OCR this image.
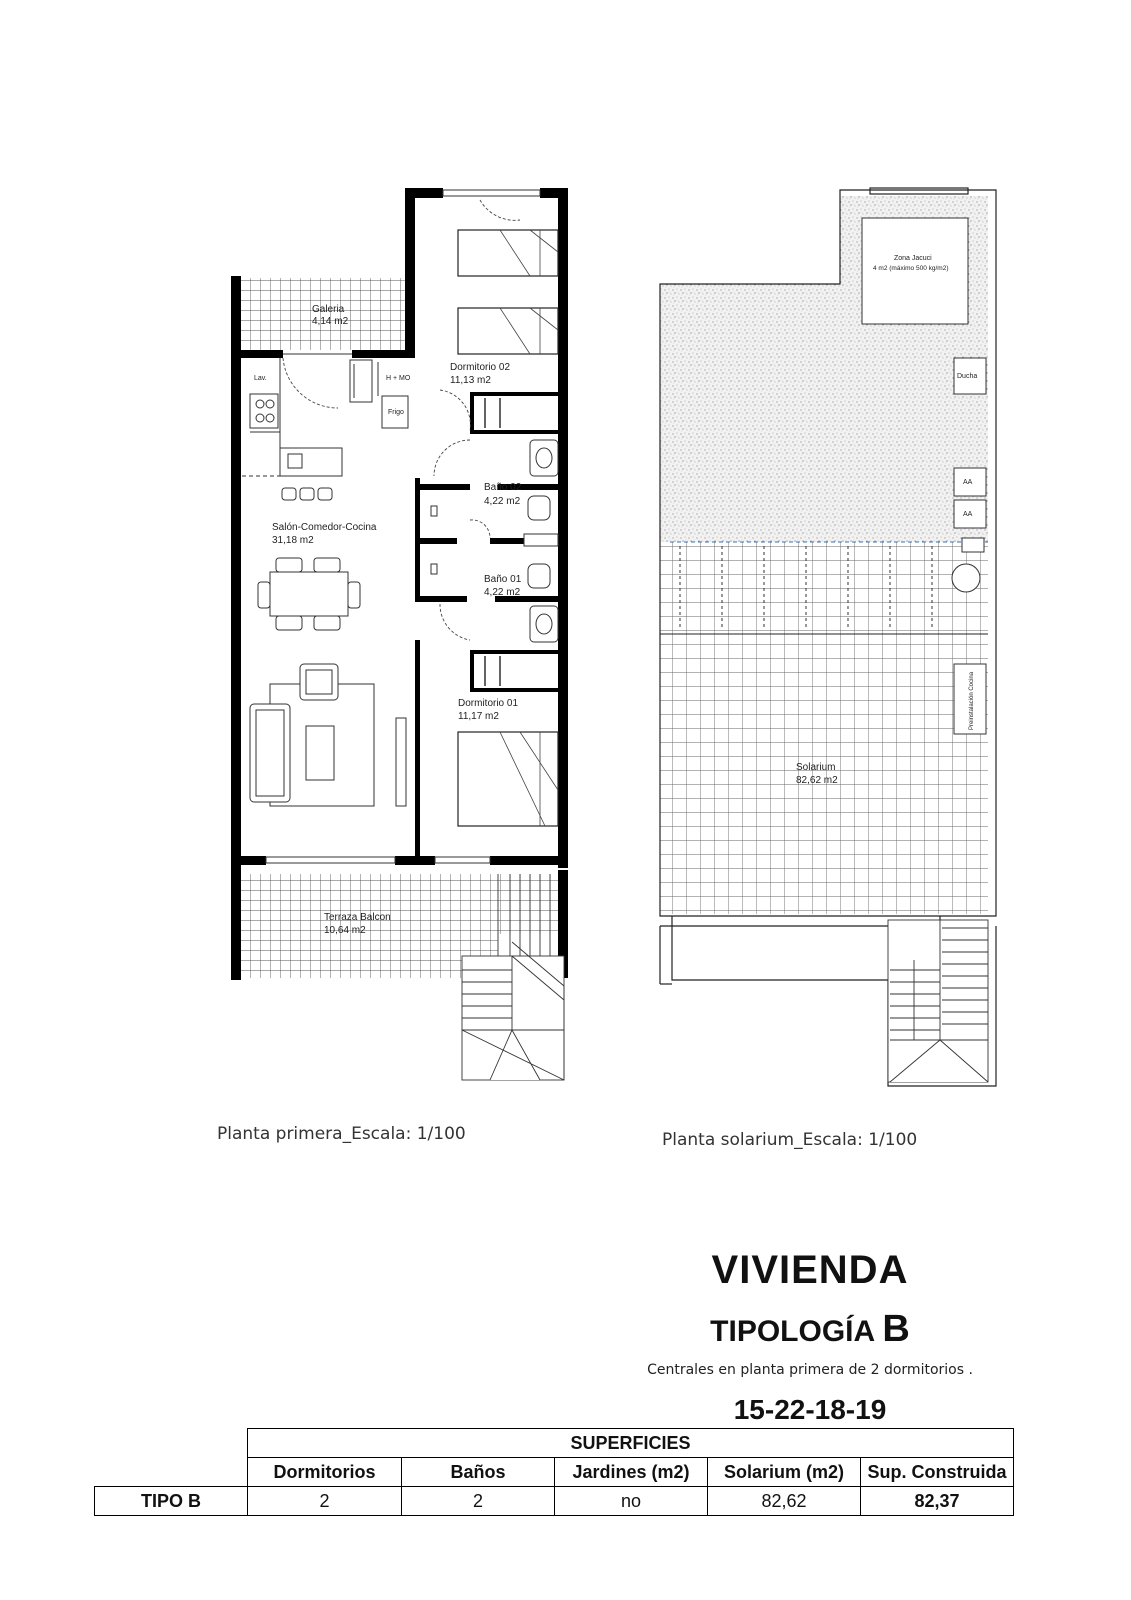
Galeria
4,14 m2
Dormitorio 02
11,13 m2
Salón-Comedor-Cocina
31,18 m2
Baño 02
4,22 m2
Baño 01
4,22 m2
Dormitorio 01
11,17 m2
Terraza Balcon
10,64 m2
Lav.	H + MO
Frigo
Zona Jacuci
4 m2 (máximo 500 kg/m2)
Ducha
AA
AA
Preinstalación Cocina
Solarium
82,62 m2
Planta primera_Escala: 1/100	Planta solarium_Escala: 1/100
VIVIENDA
TIPOLOGÍA B
Centrales en planta primera de 2 dormitorios .
15-22-18-19
	SUPERFICIES				
	Dormitorios	Baños	Jardines (m2)	Solarium (m2)	Sup. Construida
TIPO B	2	2	no	82,62	82,37
